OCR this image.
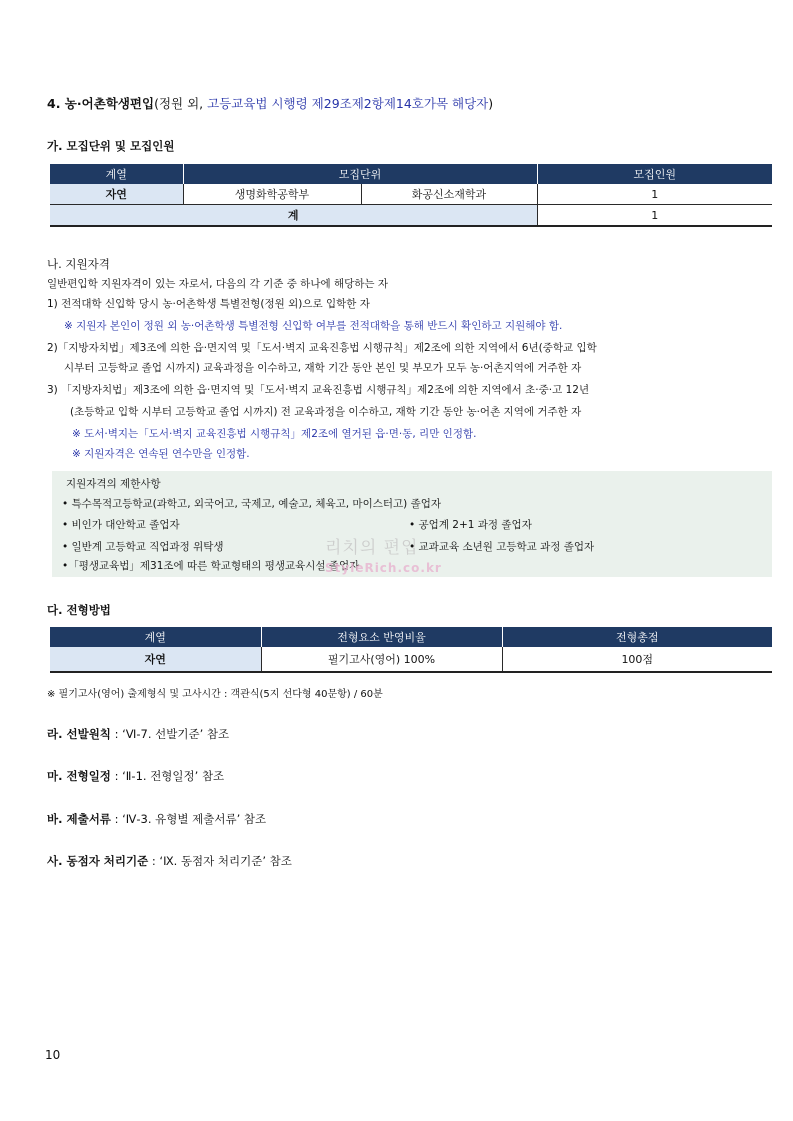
4. 농·어촌학생편입(정원 외, 고등교육법 시행령 제29조제2항제14호가목 해당자)
가. 모집단위 및 모집인원
계열	모집단위		모집인원
자연	생명화학공학부	화공신소재학과	1
계			1
나. 지원자격
일반편입학 지원자격이 있는 자로서, 다음의 각 기준 중 하나에 해당하는 자
1) 전적대학 신입학 당시 농·어촌학생 특별전형(정원 외)으로 입학한 자
※ 지원자 본인이 정원 외 농·어촌학생 특별전형 신입학 여부를 전적대학을 통해 반드시 확인하고 지원해야 함.
2)「지방자치법」제3조에 의한 읍·면지역 및「도서·벽지 교육진흥법 시행규칙」제2조에 의한 지역에서 6년(중학교 입학
시부터 고등학교 졸업 시까지) 교육과정을 이수하고, 재학 기간 동안 본인 및 부모가 모두 농·어촌지역에 거주한 자
3) 「지방자치법」제3조에 의한 읍·면지역 및「도서·벽지 교육진흥법 시행규칙」제2조에 의한 지역에서 초·중·고 12년
(초등학교 입학 시부터 고등학교 졸업 시까지) 전 교육과정을 이수하고, 재학 기간 동안 농·어촌 지역에 거주한 자
※ 도서·벽지는「도서·벽지 교육진흥법 시행규칙」제2조에 열거된 읍·면·동, 리만 인정함.
※ 지원자격은 연속된 연수만을 인정함.
지원자격의 제한사항
• 특수목적고등학교(과학고, 외국어고, 국제고, 예술고, 체육고, 마이스터고) 졸업자
• 비인가 대안학교 졸업자	• 공업계 2+1 과정 졸업자
• 일반계 고등학교 직업과정 위탁생	• 교과교육 소년원 고등학교 과정 졸업자
•「평생교육법」제31조에 따른 학교형태의 평생교육시설 졸업자
리치의 편입
StyleRich.co.kr
다. 전형방법
계열	전형요소 반영비율	전형총점
자연	필기고사(영어) 100%	100점
※ 필기고사(영어) 출제형식 및 고사시간 : 객관식(5지 선다형 40문항) / 60분
라. 선발원칙 : ‘Ⅵ-7. 선발기준’ 참조
마. 전형일정 : ‘Ⅱ-1. 전형일정’ 참조
바. 제출서류 : ‘Ⅳ-3. 유형별 제출서류’ 참조
사. 동점자 처리기준 : ‘Ⅸ. 동점자 처리기준’ 참조
10
